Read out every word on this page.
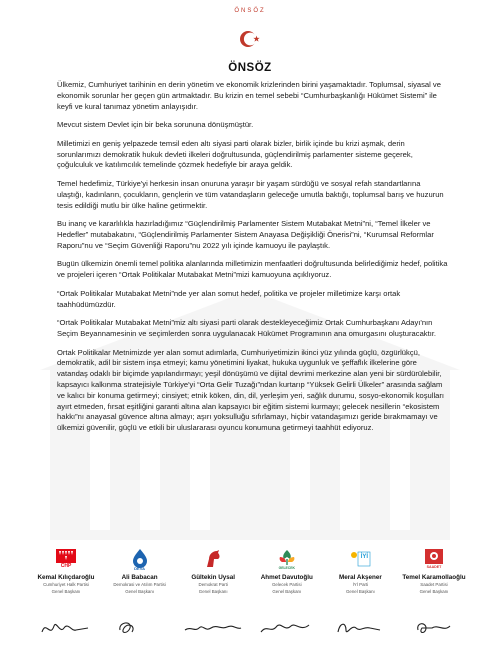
ÖNSÖZ
ÖNSÖZ

Ülkemiz, Cumhuriyet tarihinin en derin yönetim ve ekonomik krizlerinden birini yaşamaktadır. Toplumsal, siyasal ve ekonomik sorunlar her geçen gün artmaktadır. Bu krizin en temel sebebi “Cumhurbaşkanlığı Hükümet Sistemi” ile keyfi ve kural tanımaz yönetim anlayışıdır.

Mevcut sistem Devlet için bir beka sorununa dönüşmüştür.

Milletimizi en geniş yelpazede temsil eden altı siyasi parti olarak bizler, birlik içinde bu krizi aşmak, derin sorunlarımızı demokratik hukuk devleti ilkeleri doğrultusunda, güçlendirilmiş parlamenter sisteme geçerek, çoğulculuk ve katılımcılık temelinde çözmek hedefiyle bir araya geldik.

Temel hedefimiz, Türkiye'yi herkesin insan onuruna yaraşır bir yaşam sürdüğü ve sosyal refah standartlarına ulaştığı, kadınların, çocukların, gençlerin ve tüm vatandaşların geleceğe umutla baktığı, toplumsal barış ve huzurun tesis edildiği mutlu bir ülke haline getirmektir.

Bu inanç ve kararlılıkla hazırladığımız “Güçlendirilmiş Parlamenter Sistem Mutabakat Metni”ni, “Temel İlkeler ve Hedefler” mutabakatını, “Güçlendirilmiş Parlamenter Sistem Anayasa Değişikliği Önerisi”ni, “Kurumsal Reformlar Raporu”nu ve “Seçim Güvenliği Raporu”nu 2022 yılı içinde kamuoyu ile paylaştık.

Bugün ülkemizin önemli temel politika alanlarında milletimizin menfaatleri doğrultusunda belirlediğimiz hedef, politika ve projeleri içeren “Ortak Politikalar Mutabakat Metni”mizi kamuoyuna açıklıyoruz.

“Ortak Politikalar Mutabakat Metni”nde yer alan somut hedef, politika ve projeler milletimize karşı ortak taahhüdümüzdür.

“Ortak Politikalar Mutabakat Metni”miz altı siyasi parti olarak destekleyeceğimiz Ortak Cumhurbaşkanı Adayı'nın Seçim Beyannamesinin ve seçimlerden sonra uygulanacak Hükümet Programının ana omurgasını oluşturacaktır.

Ortak Politikalar Metnimizde yer alan somut adımlarla, Cumhuriyetimizin ikinci yüz yılında güçlü, özgürlükçü, demokratik, adil bir sistem inşa etmeyi; kamu yönetimini liyakat, hukuka uygunluk ve şeffaflık ilkelerine göre vatandaş odaklı bir biçimde yapılandırmayı; yeşil dönüşümü ve dijital devrimi merkezine alan yeni bir sürdürülebilir, kapsayıcı kalkınma stratejisiyle Türkiye'yi “Orta Gelir Tuzağı”ndan kurtarıp “Yüksek Gelirli Ülkeler” arasında sağlam ve kalıcı bir konuma getirmeyi; cinsiyet; etnik köken, din, dil, yerleşim yeri, sağlık durumu, sosyo-ekonomik koşulları ayırt etmeden, fırsat eşitliğini garanti altına alan kapsayıcı bir eğitim sistemi kurmayı; gelecek nesillerin “ekosistem hakkı”nı anayasal güvence altına almayı; aşırı yoksulluğu sıfırlamayı, hiçbir vatandaşımızı geride bırakmamayı ve ülkemizi güvenilir, güçlü ve etkili bir uluslararası oyuncu konumuna getirmeyi taahhüt ediyoruz.

CHP
Kemal Kılıçdaroğlu
Cumhuriyet Halk Partisi
Genel Başkanı
DEVA
Ali Babacan
Demokrasi ve Atılım Partisi
Genel Başkanı
Gültekin Uysal
Demokrat Parti
Genel Başkanı
GELECEK
Ahmet Davutoğlu
Gelecek Partisi
Genel Başkanı
İYİ
Meral Akşener
İYİ Parti
Genel Başkanı
SAADET
Temel Karamollaoğlu
Saadet Partisi
Genel Başkanı
